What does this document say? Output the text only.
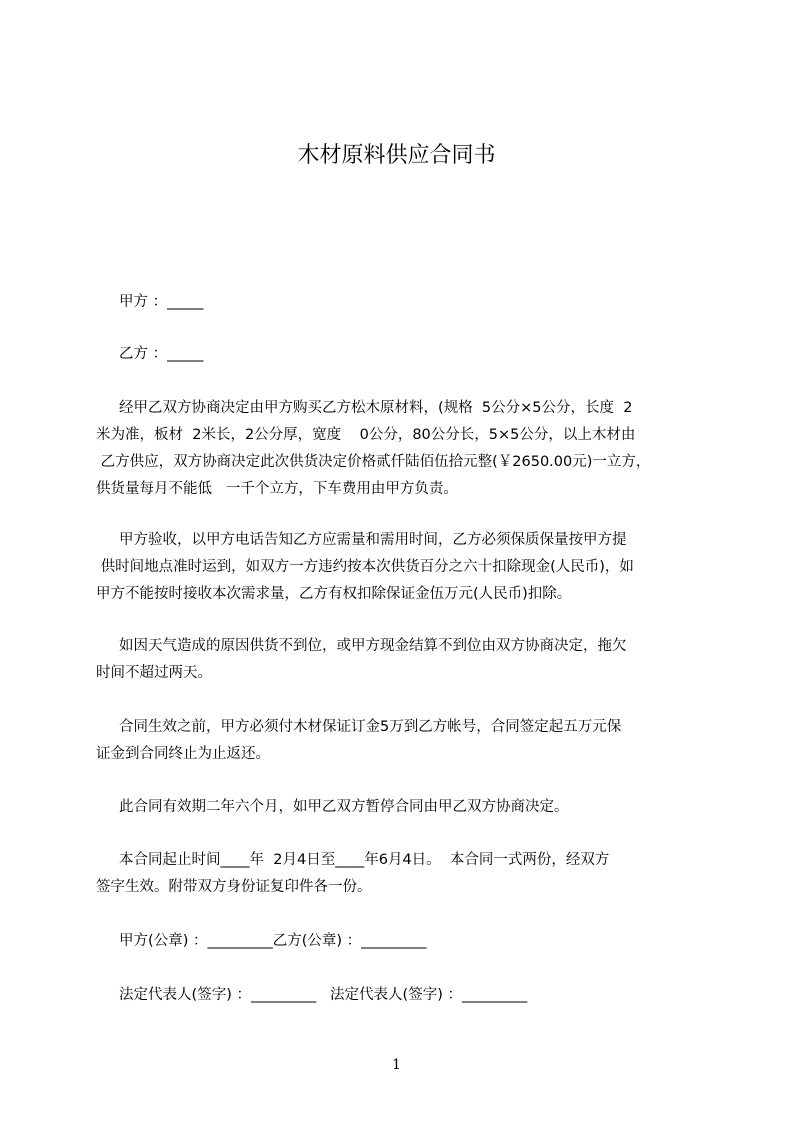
木材原料供应合同书
甲方 ：_____
乙方 ：_____
经甲乙双方协商决定由甲方购买乙方松木原材料，(规格  5公分×5公分，长度  2
米为准，板材  2米长，2公分厚，宽度    0公分，80公分长，5×5公分，以上木材由
乙方供应，双方协商决定此次供货决定价格贰仟陆佰伍拾元整(￥2650.00元)一立方，
供货量每月不能低   一千个立方，下车费用由甲方负责。
甲方验收，以甲方电话告知乙方应需量和需用时间，乙方必须保质保量按甲方提
供时间地点准时运到，如双方一方违约按本次供货百分之六十扣除现金(人民币)，如
甲方不能按时接收本次需求量，乙方有权扣除保证金伍万元(人民币)扣除。
如因天气造成的原因供货不到位，或甲方现金结算不到位由双方协商决定，拖欠
时间不超过两天。
合同生效之前，甲方必须付木材保证订金5万到乙方帐号，合同签定起五万元保
证金到合同终止为止返还。
此合同有效期二年六个月，如甲乙双方暂停合同由甲乙双方协商决定。
本合同起止时间____年  2月4日至____年6月4日。  本合同一式两份，经双方
签字生效。附带双方身份证复印件各一份。
甲方(公章) ：_________乙方(公章) ：_________
法定代表人(签字) ：_________   法定代表人(签字) ：_________
1
